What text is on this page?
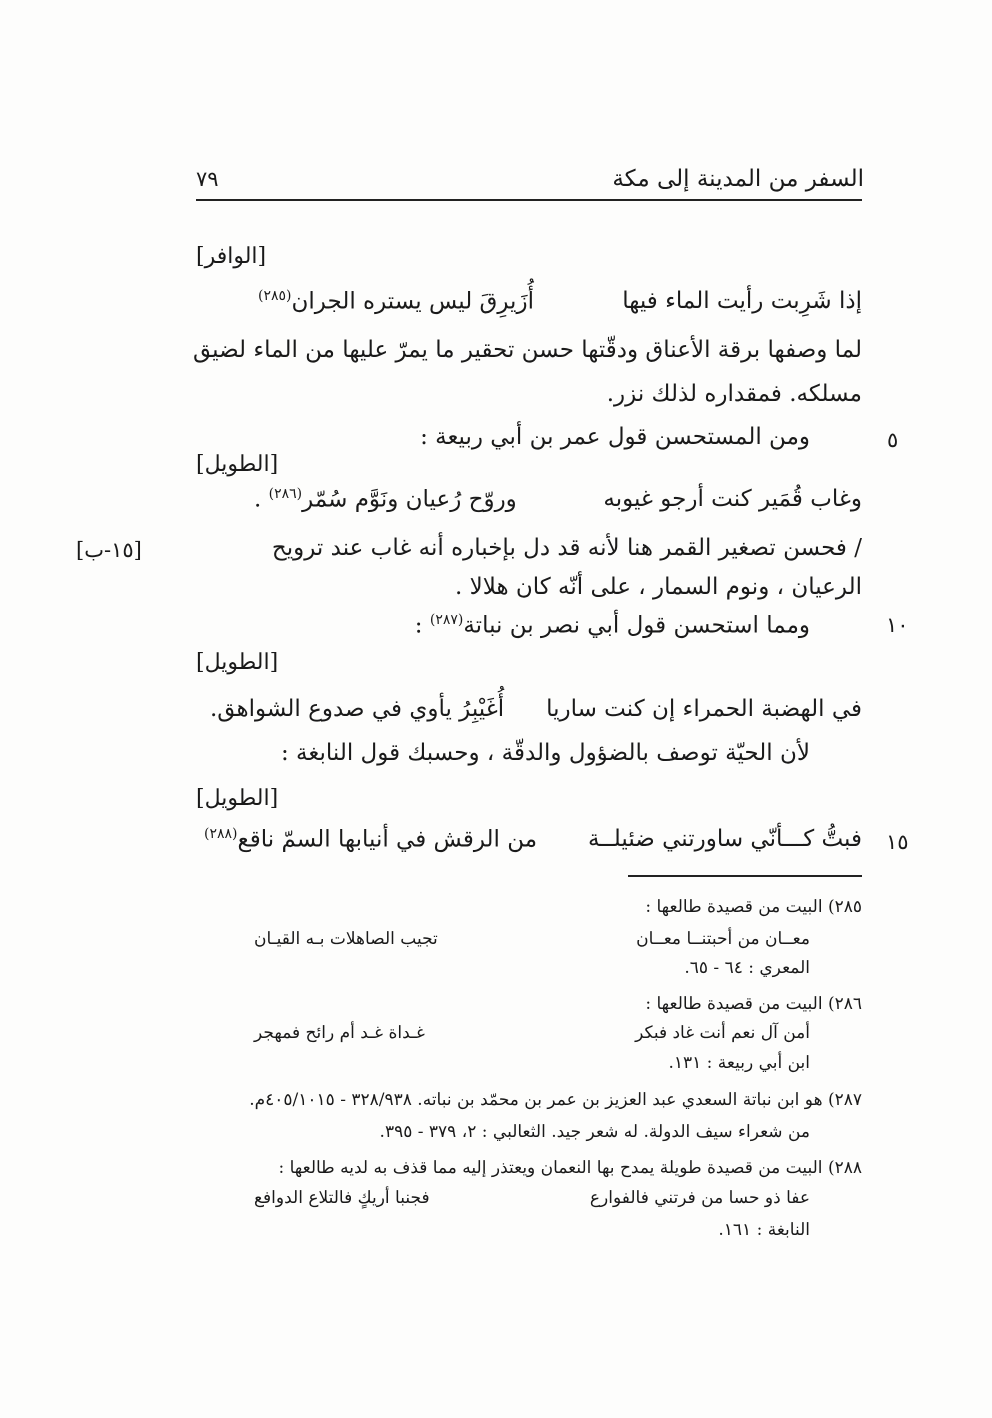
السفر من المدينة إلى مكة
٧٩
[الوافر]
إذا شَرِبت رأيت الماء فيها
أُزَيرِقَ ليس يستره الجران$^{(٢٨٥)}$
لما وصفها برقة الأعناق ودقّتها حسن تحقير ما يمرّ عليها من الماء لضيق
مسلكه. فمقداره لذلك نزر.
٥
ومن المستحسن قول عمر بن أبي ربيعة :
[الطويل]
وغاب قُمَير كنت أرجو غيوبه
وروّح رُعيان ونَوَّم سُمّر$^{(٢٨٦)}$ .
[١٥-ب]	/ فحسن تصغير القمر هنا لأنه قد دل بإخباره أنه غاب عند ترويح
الرعيان ، ونوم السمار ، على أنّه كان هلالا .
١٠
ومما استحسن قول أبي نصر بن نباتة$^{(٢٨٧)}$ :
[الطويل]
في الهضبة الحمراء إن كنت ساريا
أُغَيْبِرُ يأوي في صدوع الشواهق.
لأن الحيّة توصف بالضؤول والدقّة ، وحسبك قول النابغة :
[الطويل]
١٥
فبتُّ كـــأنّي ساورتني ضئيلــة
من الرقش في أنيابها السمّ ناقع$^{(٢٨٨)}$
٢٨٥) البيت من قصيدة طالعها :
معــان من أحبتنــا معــان
تجيب الصاهلات بـه القيـان
المعري : ٦٤ - ٦٥.
٢٨٦) البيت من قصيدة طالعها :
أمن آل نعم أنت غاد فبكر
غـداة غـد أم رائح فمهجر
ابن أبي ربيعة : ١٣١.
٢٨٧) هو ابن نباتة السعدي عبد العزيز بن عمر بن محمّد بن نباته. ٣٢٨/٩٣٨ - ٤٠٥/١٠١٥م.
من شعراء سيف الدولة. له شعر جيد. الثعالبي : ٢، ٣٧٩ - ٣٩٥.
٢٨٨) البيت من قصيدة طويلة يمدح بها النعمان ويعتذر إليه مما قذف به لديه طالعها :
عفا ذو حسا من فرتني فالفوارع
فجنبا أريكٍ فالتلاع الدوافع
النابغة : ١٦١.
